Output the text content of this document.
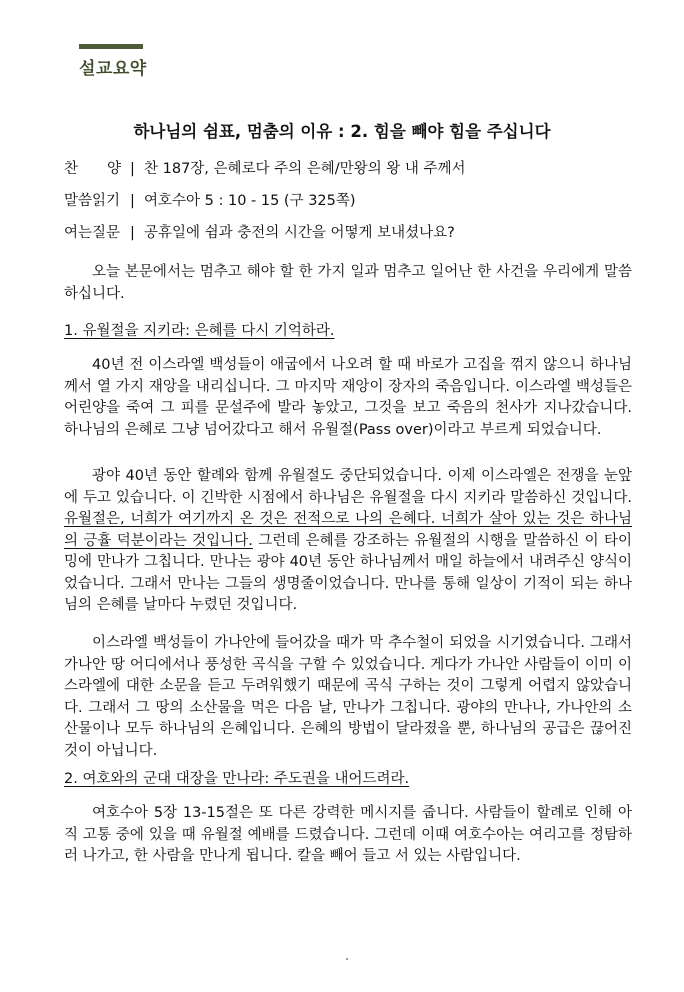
설교요약
하나님의 쉼표, 멈춤의 이유 : 2. 힘을 빼야 힘을 주십니다
찬　　양 | 찬 187장, 은혜로다 주의 은혜/만왕의 왕 내 주께서
말씀읽기 | 여호수아 5 : 10 - 15 (구 325쪽)
여는질문 | 공휴일에 쉼과 충전의 시간을 어떻게 보내셨나요?
오늘 본문에서는 멈추고 해야 할 한 가지 일과 멈추고 일어난 한 사건을 우리에게 말씀하십니다.
1. 유월절을 지키라: 은혜를 다시 기억하라.
40년 전 이스라엘 백성들이 애굽에서 나오려 할 때 바로가 고집을 꺾지 않으니 하나님께서 열 가지 재앙을 내리십니다. 그 마지막 재앙이 장자의 죽음입니다. 이스라엘 백성들은 어린양을 죽여 그 피를 문설주에 발라 놓았고, 그것을 보고 죽음의 천사가 지나갔습니다. 하나님의 은혜로 그냥 넘어갔다고 해서 유월절(Pass over)이라고 부르게 되었습니다.
광야 40년 동안 할례와 함께 유월절도 중단되었습니다. 이제 이스라엘은 전쟁을 눈앞에 두고 있습니다. 이 긴박한 시점에서 하나님은 유월절을 다시 지키라 말씀하신 것입니다. 유월절은, 너희가 여기까지 온 것은 전적으로 나의 은혜다. 너희가 살아 있는 것은 하나님의 긍휼 덕분이라는 것입니다. 그런데 은혜를 강조하는 유월절의 시행을 말씀하신 이 타이밍에 만나가 그칩니다. 만나는 광야 40년 동안 하나님께서 매일 하늘에서 내려주신 양식이었습니다. 그래서 만나는 그들의 생명줄이었습니다. 만나를 통해 일상이 기적이 되는 하나님의 은혜를 날마다 누렸던 것입니다.
이스라엘 백성들이 가나안에 들어갔을 때가 막 추수철이 되었을 시기였습니다. 그래서 가나안 땅 어디에서나 풍성한 곡식을 구할 수 있었습니다. 게다가 가나안 사람들이 이미 이스라엘에 대한 소문을 듣고 두려워했기 때문에 곡식 구하는 것이 그렇게 어렵지 않았습니다. 그래서 그 땅의 소산물을 먹은 다음 날, 만나가 그칩니다. 광야의 만나나, 가나안의 소산물이나 모두 하나님의 은혜입니다. 은혜의 방법이 달라졌을 뿐, 하나님의 공급은 끊어진 것이 아닙니다.
2. 여호와의 군대 대장을 만나라: 주도권을 내어드려라.
여호수아 5장 13-15절은 또 다른 강력한 메시지를 줍니다. 사람들이 할례로 인해 아직 고통 중에 있을 때 유월절 예배를 드렸습니다. 그런데 이때 여호수아는 여리고를 정탐하러 나가고, 한 사람을 만나게 됩니다. 칼을 빼어 들고 서 있는 사람입니다.
